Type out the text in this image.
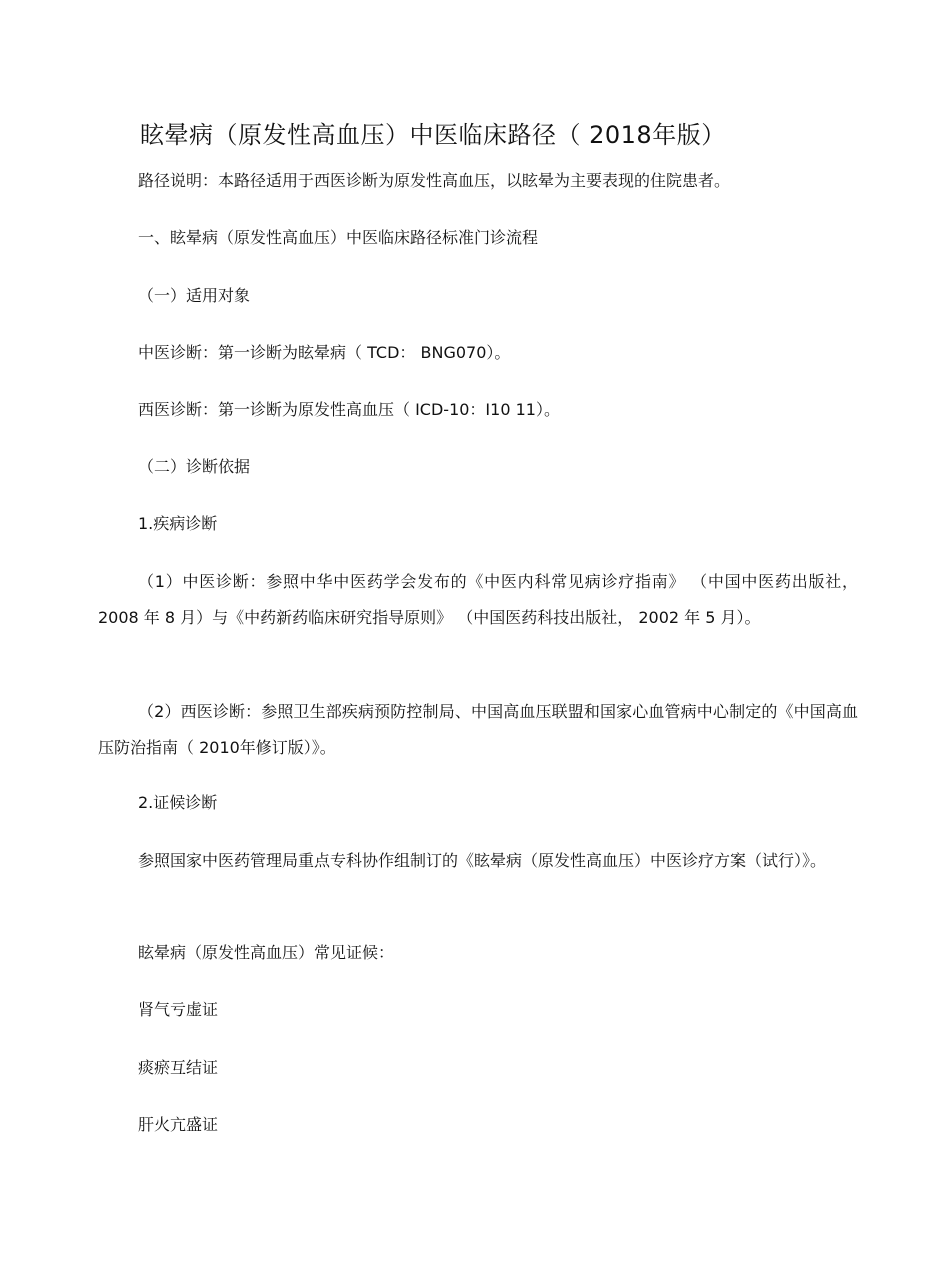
眩晕病（原发性高血压）中医临床路径（ 2018年版）
路径说明：本路径适用于西医诊断为原发性高血压，以眩晕为主要表现的住院患者。
一、眩晕病（原发性高血压）中医临床路径标准门诊流程
（一）适用对象
中医诊断：第一诊断为眩晕病（ TCD： BNG070）。
西医诊断：第一诊断为原发性高血压（ ICD-10：I10 11）。
（二）诊断依据
1.疾病诊断
（1）中医诊断：参照中华中医药学会发布的《中医内科常见病诊疗指南》 （中国中医药出版社， 2008 年 8 月）与《中药新药临床研究指导原则》 （中国医药科技出版社， 2002 年 5 月）。
（2）西医诊断：参照卫生部疾病预防控制局、中国高血压联盟和国家心血管病中心制定的《中国高血压防治指南（ 2010年修订版）》。
2.证候诊断
参照国家中医药管理局重点专科协作组制订的《眩晕病（原发性高血压）中医诊疗方案（试行）》。
眩晕病（原发性高血压）常见证候：
肾气亏虚证
痰瘀互结证
肝火亢盛证
